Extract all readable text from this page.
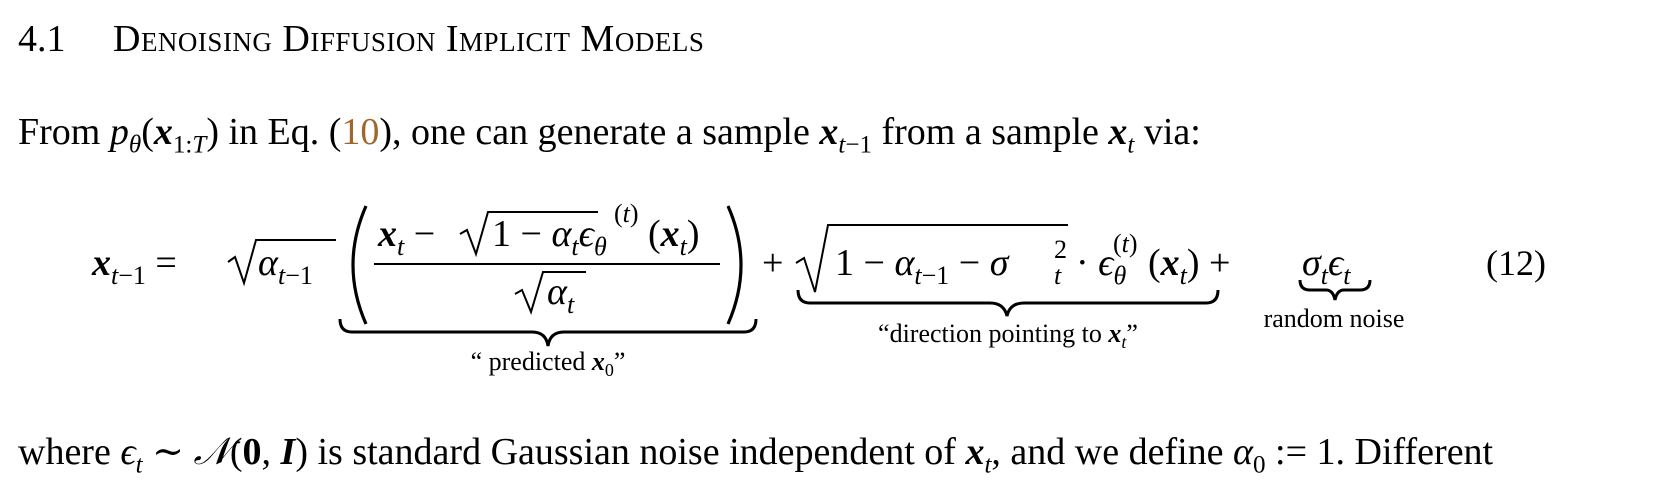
4.1 Denoising Diffusion Implicit Models
From $p_\theta(x_{1:T})$ in Eq. (10), one can generate a sample $x_{t-1}$ from a sample $x_t$ via:
$x_t-1 = \alpha_t-1$
$x_t - 1 - \alpha_t\epsilon_\theta$
(t) $(x_t)$
$\alpha_t$
+ $1 - \alpha_t-1 - \sigma$ 2
$t \cdot \epsilon_\theta$
(t) $(x_t) + \sigma_t\epsilon_t$
“ predicted $x_0$”
“direction pointing to $x_t$”
random noise
(12)
where $\epsilon_t$ ∼ 𝒩(0, I) is standard Gaussian noise independent of $x_t$, and we define $\alpha_0$ := 1. Different
